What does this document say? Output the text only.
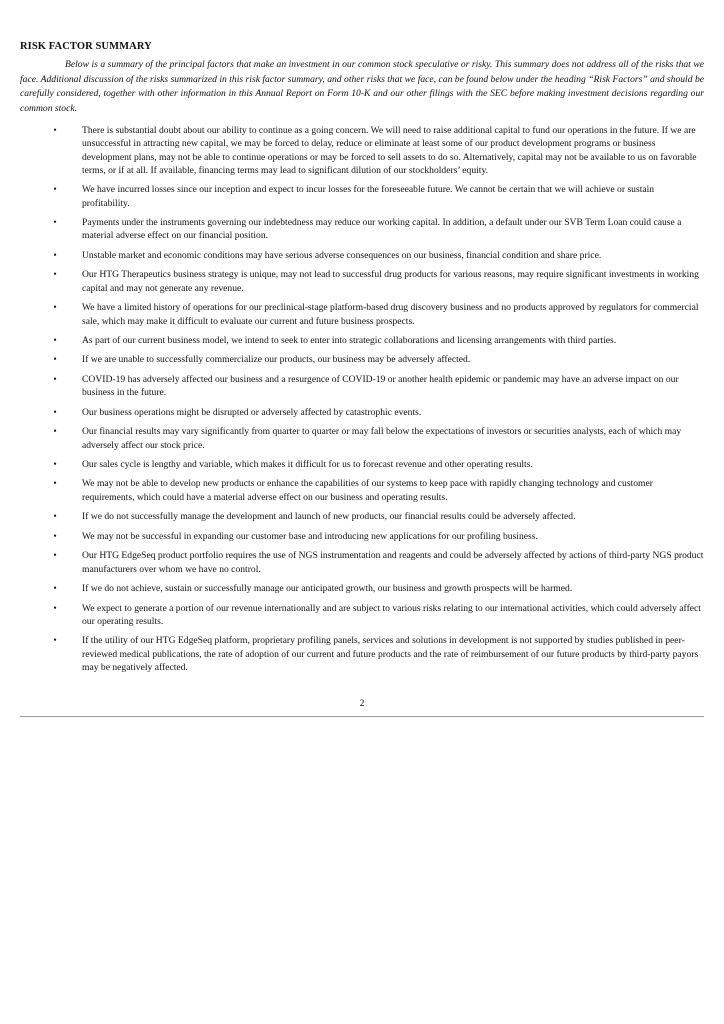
RISK FACTOR SUMMARY

Below is a summary of the principal factors that make an investment in our common stock speculative or risky. This summary does not address all of the risks that we face. Additional discussion of the risks summarized in this risk factor summary, and other risks that we face, can be found below under the heading “Risk Factors” and should be carefully considered, together with other information in this Annual Report on Form 10-K and our other filings with the SEC before making investment decisions regarding our common stock.

•	There is substantial doubt about our ability to continue as a going concern. We will need to raise additional capital to fund our operations in the future. If we are unsuccessful in attracting new capital, we may be forced to delay, reduce or eliminate at least some of our product development programs or business development plans, may not be able to continue operations or may be forced to sell assets to do so. Alternatively, capital may not be available to us on favorable terms, or if at all. If available, financing terms may lead to significant dilution of our stockholders’ equity.
•	We have incurred losses since our inception and expect to incur losses for the foreseeable future. We cannot be certain that we will achieve or sustain profitability.
•	Payments under the instruments governing our indebtedness may reduce our working capital. In addition, a default under our SVB Term Loan could cause a material adverse effect on our financial position.
•	Unstable market and economic conditions may have serious adverse consequences on our business, financial condition and share price.
•	Our HTG Therapeutics business strategy is unique, may not lead to successful drug products for various reasons, may require significant investments in working capital and may not generate any revenue.
•	We have a limited history of operations for our preclinical-stage platform-based drug discovery business and no products approved by regulators for commercial sale, which may make it difficult to evaluate our current and future business prospects.
•	As part of our current business model, we intend to seek to enter into strategic collaborations and licensing arrangements with third parties.
•	If we are unable to successfully commercialize our products, our business may be adversely affected.
•	COVID-19 has adversely affected our business and a resurgence of COVID-19 or another health epidemic or pandemic may have an adverse impact on our business in the future.
•	Our business operations might be disrupted or adversely affected by catastrophic events.
•	Our financial results may vary significantly from quarter to quarter or may fall below the expectations of investors or securities analysts, each of which may adversely affect our stock price.
•	Our sales cycle is lengthy and variable, which makes it difficult for us to forecast revenue and other operating results.
•	We may not be able to develop new products or enhance the capabilities of our systems to keep pace with rapidly changing technology and customer requirements, which could have a material adverse effect on our business and operating results.
•	If we do not successfully manage the development and launch of new products, our financial results could be adversely affected.
•	We may not be successful in expanding our customer base and introducing new applications for our profiling business.
•	Our HTG EdgeSeq product portfolio requires the use of NGS instrumentation and reagents and could be adversely affected by actions of third-party NGS product manufacturers over whom we have no control.
•	If we do not achieve, sustain or successfully manage our anticipated growth, our business and growth prospects will be harmed.
•	We expect to generate a portion of our revenue internationally and are subject to various risks relating to our international activities, which could adversely affect our operating results.
•	If the utility of our HTG EdgeSeq platform, proprietary profiling panels, services and solutions in development is not supported by studies published in peer-reviewed medical publications, the rate of adoption of our current and future products and the rate of reimbursement of our future products by third-party payors may be negatively affected.
2
